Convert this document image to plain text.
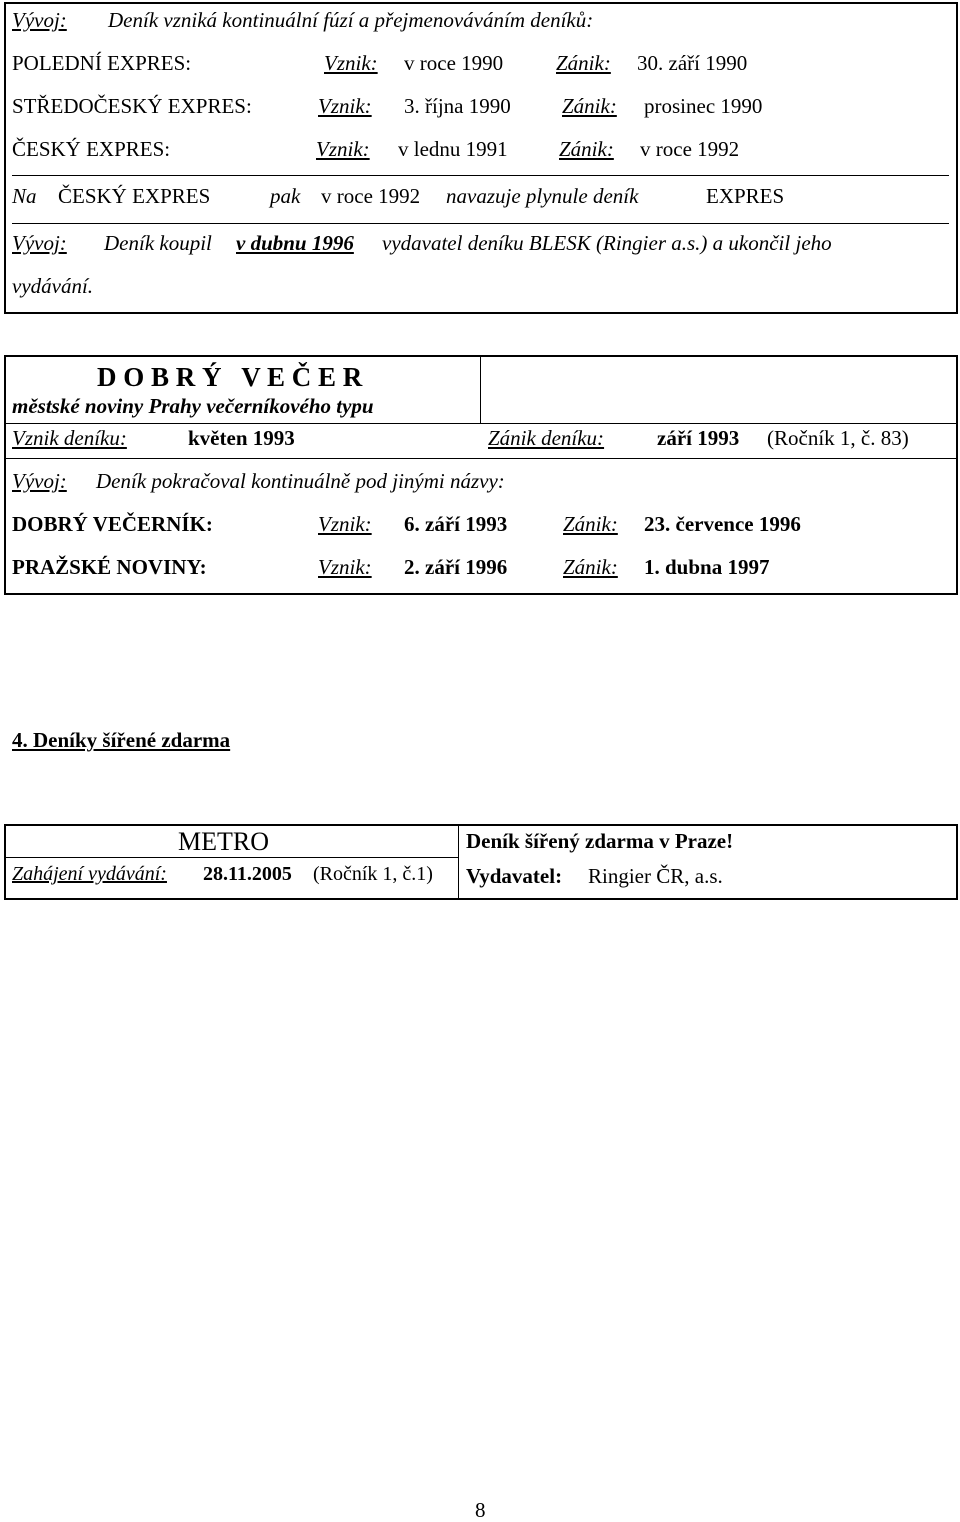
Vývoj: Deník vzniká kontinuální fúzí a přejmenováváním deníků:
POLEDNÍ EXPRES:	Vznik: v roce 1990	Zánik: 30. září 1990
STŘEDOČESKÝ EXPRES:	Vznik: 3. října 1990 Zánik: prosinec 1990
ČESKÝ EXPRES:	Vznik: v lednu 1991 Zánik: v roce 1992
Na ČESKÝ EXPRES	pak v roce 1992 navazuje plynule deník	EXPRES
Vývoj: Deník koupil v dubnu 1996 vydavatel deníku BLESK (Ringier a.s.) a ukončil jeho
vydávání.
D O B R Ý   V E Č E R
městské noviny Prahy večerníkového typu
Vznik deníku:	květen 1993	Zánik deníku:	září 1993 (Ročník 1, č. 83)
Vývoj: Deník pokračoval kontinuálně pod jinými názvy:
DOBRÝ VEČERNÍK:	Vznik: 6. září 1993	Zánik: 23. července 1996
PRAŽSKÉ NOVINY:	Vznik: 2. září 1996	Zánik: 1. dubna 1997
4. Deníky šířené zdarma
METRO
Zahájení vydávání: 28.11.2005 (Ročník 1, č.1)
Deník šířený zdarma v Praze!
Vydavatel: Ringier ČR, a.s.
8
